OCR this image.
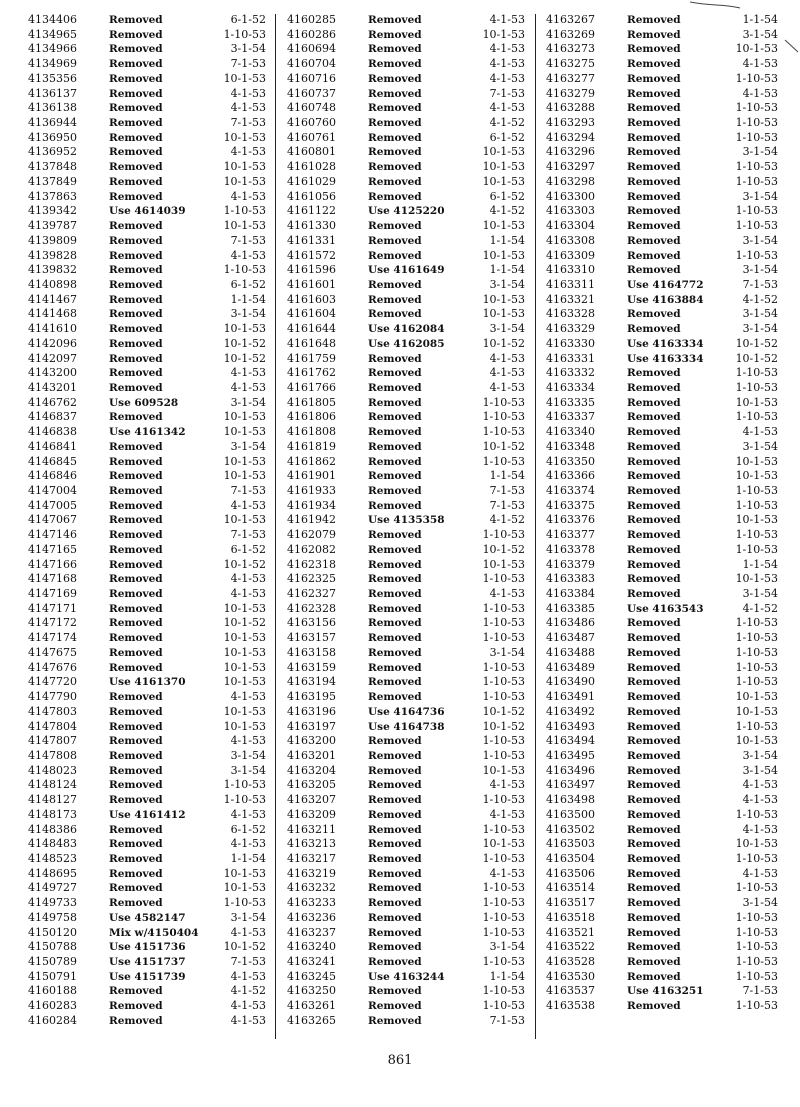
4134406	Removed	6-1-52
4134965	Removed	1-10-53
4134966	Removed	3-1-54
4134969	Removed	7-1-53
4135356	Removed	10-1-53
4136137	Removed	4-1-53
4136138	Removed	4-1-53
4136944	Removed	7-1-53
4136950	Removed	10-1-53
4136952	Removed	4-1-53
4137848	Removed	10-1-53
4137849	Removed	10-1-53
4137863	Removed	4-1-53
4139342	Use 4614039	1-10-53
4139787	Removed	10-1-53
4139809	Removed	7-1-53
4139828	Removed	4-1-53
4139832	Removed	1-10-53
4140898	Removed	6-1-52
4141467	Removed	1-1-54
4141468	Removed	3-1-54
4141610	Removed	10-1-53
4142096	Removed	10-1-52
4142097	Removed	10-1-52
4143200	Removed	4-1-53
4143201	Removed	4-1-53
4146762	Use 609528	3-1-54
4146837	Removed	10-1-53
4146838	Use 4161342	10-1-53
4146841	Removed	3-1-54
4146845	Removed	10-1-53
4146846	Removed	10-1-53
4147004	Removed	7-1-53
4147005	Removed	4-1-53
4147067	Removed	10-1-53
4147146	Removed	7-1-53
4147165	Removed	6-1-52
4147166	Removed	10-1-52
4147168	Removed	4-1-53
4147169	Removed	4-1-53
4147171	Removed	10-1-53
4147172	Removed	10-1-52
4147174	Removed	10-1-53
4147675	Removed	10-1-53
4147676	Removed	10-1-53
4147720	Use 4161370	10-1-53
4147790	Removed	4-1-53
4147803	Removed	10-1-53
4147804	Removed	10-1-53
4147807	Removed	4-1-53
4147808	Removed	3-1-54
4148023	Removed	3-1-54
4148124	Removed	1-10-53
4148127	Removed	1-10-53
4148173	Use 4161412	4-1-53
4148386	Removed	6-1-52
4148483	Removed	4-1-53
4148523	Removed	1-1-54
4148695	Removed	10-1-53
4149727	Removed	10-1-53
4149733	Removed	1-10-53
4149758	Use 4582147	3-1-54
4150120	Mix w/4150404	4-1-53
4150788	Use 4151736	10-1-52
4150789	Use 4151737	7-1-53
4150791	Use 4151739	4-1-53
4160188	Removed	4-1-52
4160283	Removed	4-1-53
4160284	Removed	4-1-53
4160285	Removed	4-1-53
4160286	Removed	10-1-53
4160694	Removed	4-1-53
4160704	Removed	4-1-53
4160716	Removed	4-1-53
4160737	Removed	7-1-53
4160748	Removed	4-1-53
4160760	Removed	4-1-52
4160761	Removed	6-1-52
4160801	Removed	10-1-53
4161028	Removed	10-1-53
4161029	Removed	10-1-53
4161056	Removed	6-1-52
4161122	Use 4125220	4-1-52
4161330	Removed	10-1-53
4161331	Removed	1-1-54
4161572	Removed	10-1-53
4161596	Use 4161649	1-1-54
4161601	Removed	3-1-54
4161603	Removed	10-1-53
4161604	Removed	10-1-53
4161644	Use 4162084	3-1-54
4161648	Use 4162085	10-1-52
4161759	Removed	4-1-53
4161762	Removed	4-1-53
4161766	Removed	4-1-53
4161805	Removed	1-10-53
4161806	Removed	1-10-53
4161808	Removed	1-10-53
4161819	Removed	10-1-52
4161862	Removed	1-10-53
4161901	Removed	1-1-54
4161933	Removed	7-1-53
4161934	Removed	7-1-53
4161942	Use 4135358	4-1-52
4162079	Removed	1-10-53
4162082	Removed	10-1-52
4162318	Removed	10-1-53
4162325	Removed	1-10-53
4162327	Removed	4-1-53
4162328	Removed	1-10-53
4163156	Removed	1-10-53
4163157	Removed	1-10-53
4163158	Removed	3-1-54
4163159	Removed	1-10-53
4163194	Removed	1-10-53
4163195	Removed	1-10-53
4163196	Use 4164736	10-1-52
4163197	Use 4164738	10-1-52
4163200	Removed	1-10-53
4163201	Removed	1-10-53
4163204	Removed	10-1-53
4163205	Removed	4-1-53
4163207	Removed	1-10-53
4163209	Removed	4-1-53
4163211	Removed	1-10-53
4163213	Removed	10-1-53
4163217	Removed	1-10-53
4163219	Removed	4-1-53
4163232	Removed	1-10-53
4163233	Removed	1-10-53
4163236	Removed	1-10-53
4163237	Removed	1-10-53
4163240	Removed	3-1-54
4163241	Removed	1-10-53
4163245	Use 4163244	1-1-54
4163250	Removed	1-10-53
4163261	Removed	1-10-53
4163265	Removed	7-1-53
4163267	Removed	1-1-54
4163269	Removed	3-1-54
4163273	Removed	10-1-53
4163275	Removed	4-1-53
4163277	Removed	1-10-53
4163279	Removed	4-1-53
4163288	Removed	1-10-53
4163293	Removed	1-10-53
4163294	Removed	1-10-53
4163296	Removed	3-1-54
4163297	Removed	1-10-53
4163298	Removed	1-10-53
4163300	Removed	3-1-54
4163303	Removed	1-10-53
4163304	Removed	1-10-53
4163308	Removed	3-1-54
4163309	Removed	1-10-53
4163310	Removed	3-1-54
4163311	Use 4164772	7-1-53
4163321	Use 4163884	4-1-52
4163328	Removed	3-1-54
4163329	Removed	3-1-54
4163330	Use 4163334	10-1-52
4163331	Use 4163334	10-1-52
4163332	Removed	1-10-53
4163334	Removed	1-10-53
4163335	Removed	10-1-53
4163337	Removed	1-10-53
4163340	Removed	4-1-53
4163348	Removed	3-1-54
4163350	Removed	10-1-53
4163366	Removed	10-1-53
4163374	Removed	1-10-53
4163375	Removed	1-10-53
4163376	Removed	10-1-53
4163377	Removed	1-10-53
4163378	Removed	1-10-53
4163379	Removed	1-1-54
4163383	Removed	10-1-53
4163384	Removed	3-1-54
4163385	Use 4163543	4-1-52
4163486	Removed	1-10-53
4163487	Removed	1-10-53
4163488	Removed	1-10-53
4163489	Removed	1-10-53
4163490	Removed	1-10-53
4163491	Removed	10-1-53
4163492	Removed	10-1-53
4163493	Removed	1-10-53
4163494	Removed	10-1-53
4163495	Removed	3-1-54
4163496	Removed	3-1-54
4163497	Removed	4-1-53
4163498	Removed	4-1-53
4163500	Removed	1-10-53
4163502	Removed	4-1-53
4163503	Removed	10-1-53
4163504	Removed	1-10-53
4163506	Removed	4-1-53
4163514	Removed	1-10-53
4163517	Removed	3-1-54
4163518	Removed	1-10-53
4163521	Removed	1-10-53
4163522	Removed	1-10-53
4163528	Removed	1-10-53
4163530	Removed	1-10-53
4163537	Use 4163251	7-1-53
4163538	Removed	1-10-53
861
